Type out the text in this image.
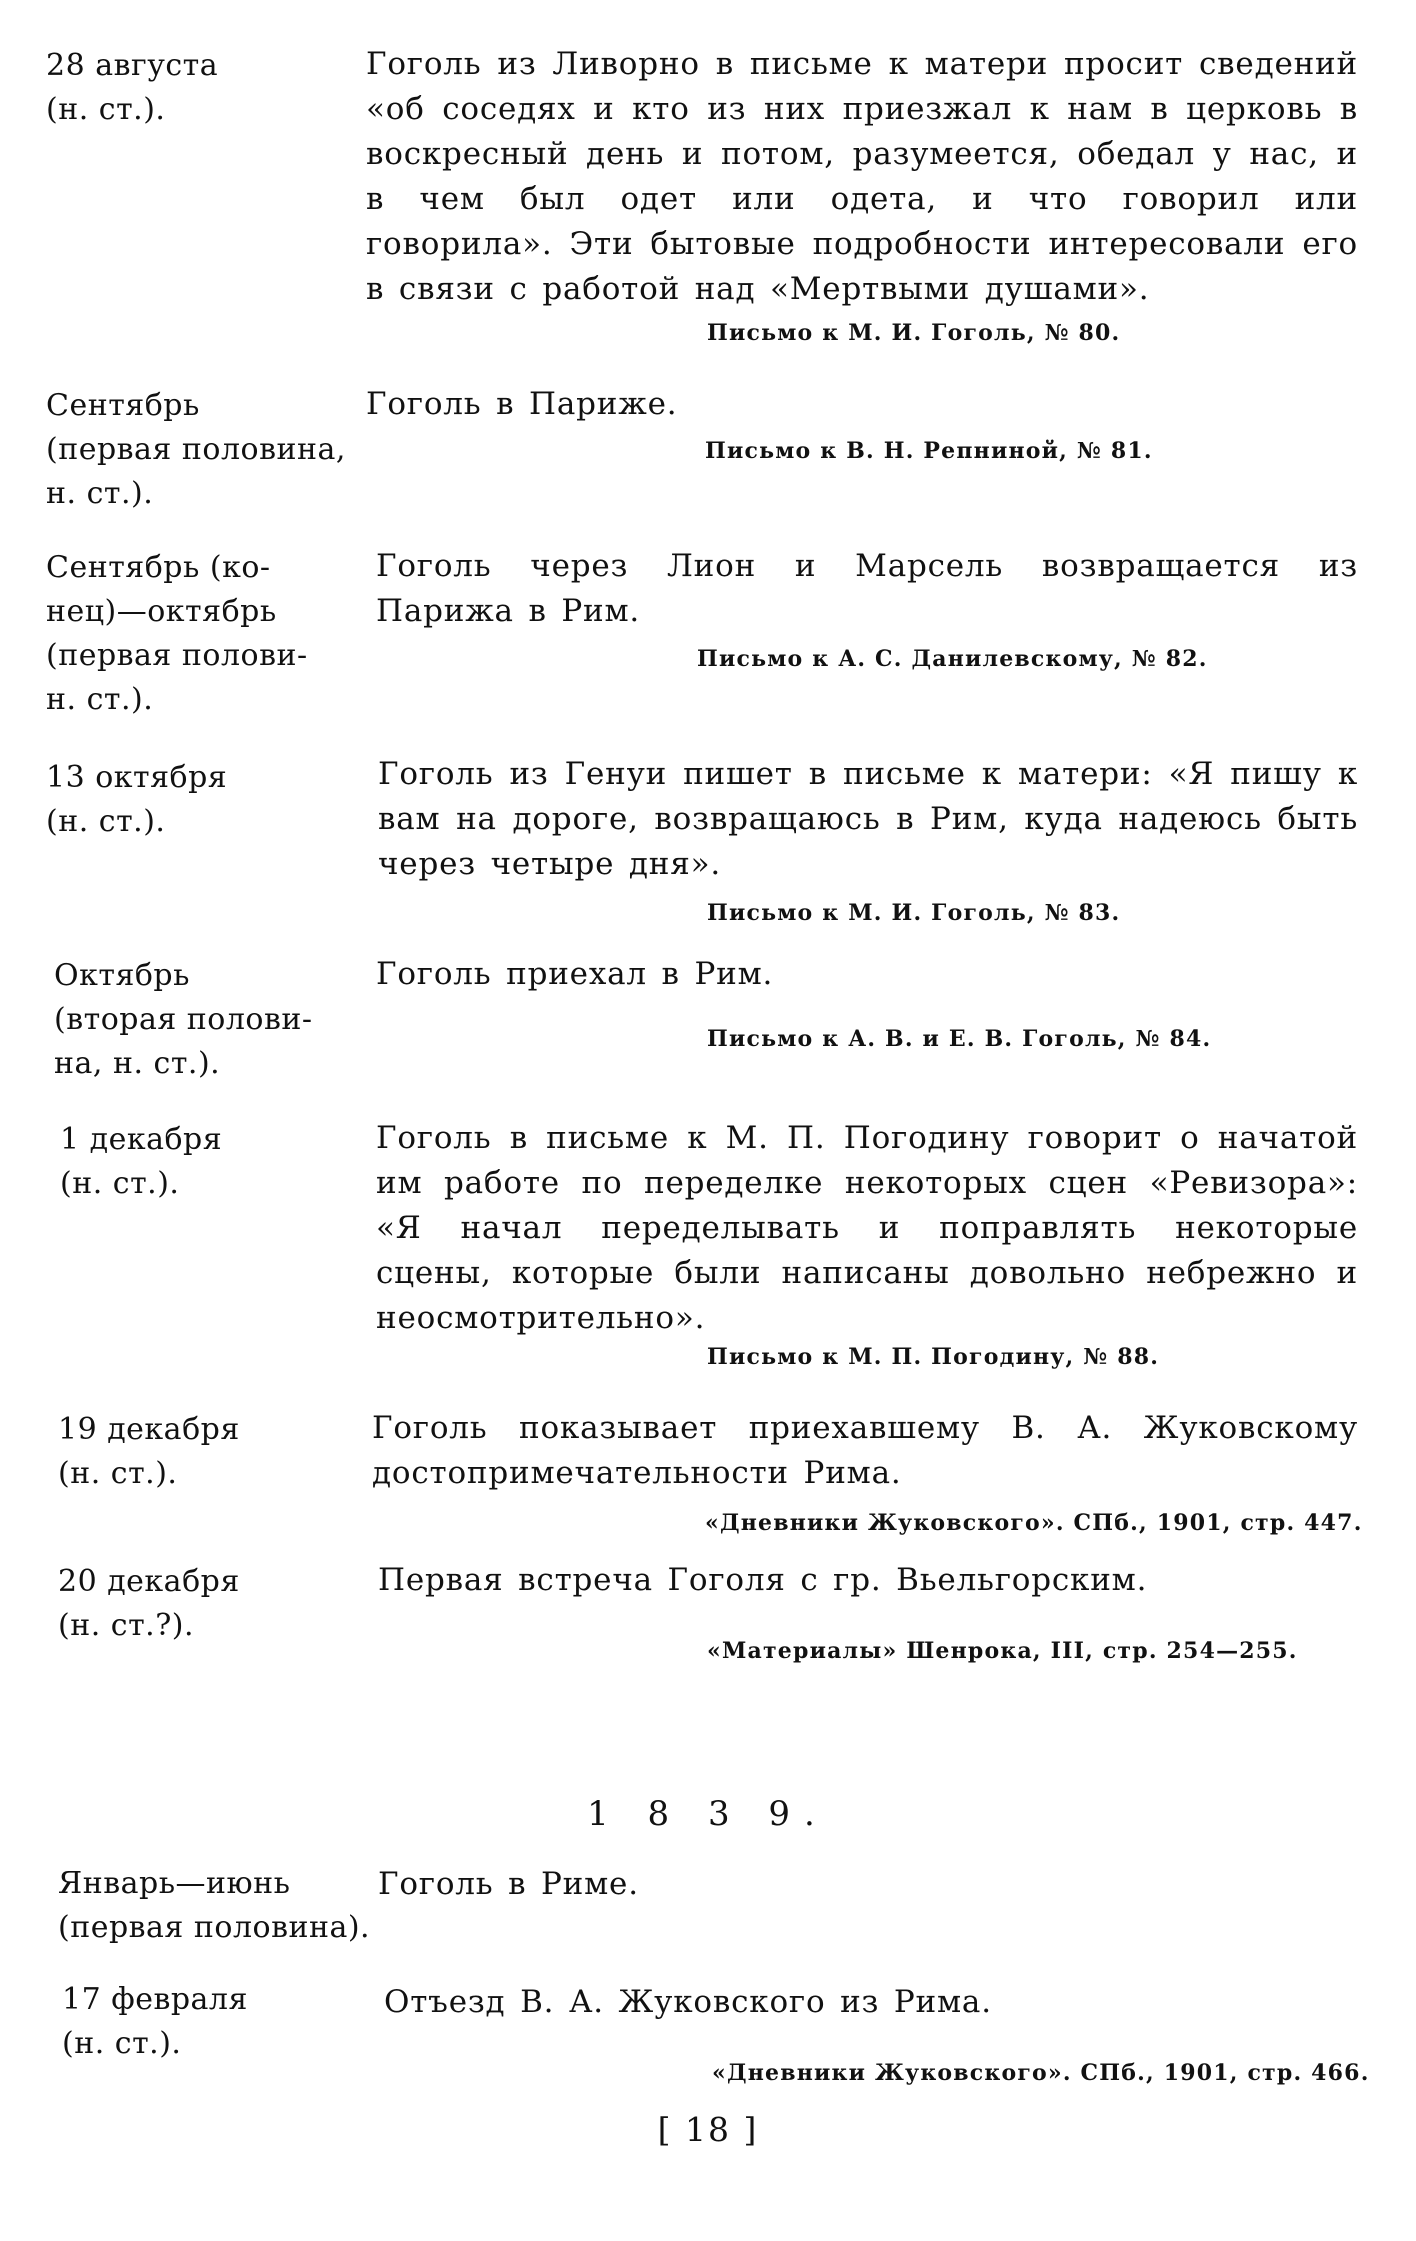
28 августа
(н. ст.).
Гоголь из Ливорно в письме к матери просит сведений «об соседях и кто из них приезжал к нам в церковь в воскресный день и потом, разумеется, обедал у нас, и в чем был одет или одета, и что говорил или говорила». Эти бытовые подробности интересовали его в связи с работой над «Мертвыми душами».
Письмо к М. И. Гоголь, № 80.
Сентябрь
(первая половина,
н. ст.).
Гоголь в Париже.
Письмо к В. Н. Репниной, № 81.
Сентябрь (ко-
нец)—октябрь
(первая полови-
н. ст.).
Гоголь через Лион и Марсель возвращается из Парижа в Рим.
Письмо к А. С. Данилевскому, № 82.
13 октября
(н. ст.).
Гоголь из Генуи пишет в письме к матери: «Я пишу к вам на дороге, возвращаюсь в Рим, куда надеюсь быть через четыре дня».
Письмо к М. И. Гоголь, № 83.
Октябрь
(вторая полови-
на, н. ст.).
Гоголь приехал в Рим.
Письмо к А. В. и Е. В. Гоголь, № 84.
1 декабря
(н. ст.).
Гоголь в письме к М. П. Погодину говорит о начатой им работе по переделке некоторых сцен «Ревизора»: «Я начал переделывать и поправлять некоторые сцены, которые были написаны довольно небрежно и неосмотрительно».
Письмо к М. П. Погодину, № 88.
19 декабря
(н. ст.).
Гоголь показывает приехавшему В. А. Жуковскому достопримечательности Рима.
«Дневники Жуковского». СПб., 1901, стр. 447.
20 декабря
(н. ст.?).
Первая встреча Гоголя с гр. Вьельгорским.
«Материалы» Шенрока, III, стр. 254—255.
1 8 3 9.
Январь—июнь
(первая половина).
Гоголь в Риме.
17 февраля
(н. ст.).
Отъезд В. А. Жуковского из Рима.
«Дневники Жуковского». СПб., 1901, стр. 466.
[ 18 ]
